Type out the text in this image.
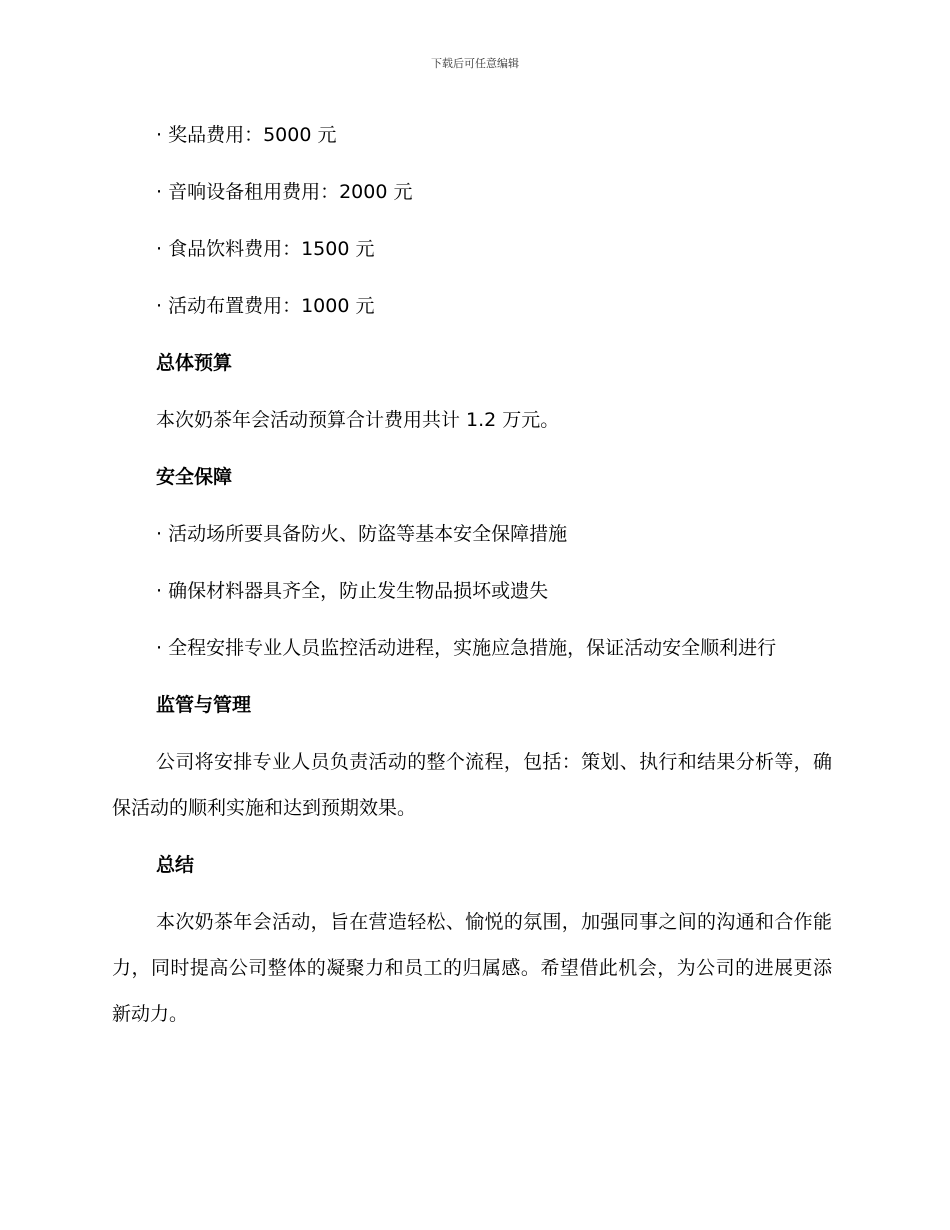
下载后可任意编辑
· 奖品费用：5000 元
· 音响设备租用费用：2000 元
· 食品饮料费用：1500 元
· 活动布置费用：1000 元
总体预算
本次奶茶年会活动预算合计费用共计 1.2 万元。
安全保障
· 活动场所要具备防火、防盗等基本安全保障措施
· 确保材料器具齐全，防止发生物品损坏或遗失
· 全程安排专业人员监控活动进程，实施应急措施，保证活动安全顺利进行
监管与管理
公司将安排专业人员负责活动的整个流程，包括：策划、执行和结果分析等，确保活动的顺利实施和达到预期效果。
总结
本次奶茶年会活动，旨在营造轻松、愉悦的氛围，加强同事之间的沟通和合作能力，同时提高公司整体的凝聚力和员工的归属感。希望借此机会，为公司的进展更添新动力。
